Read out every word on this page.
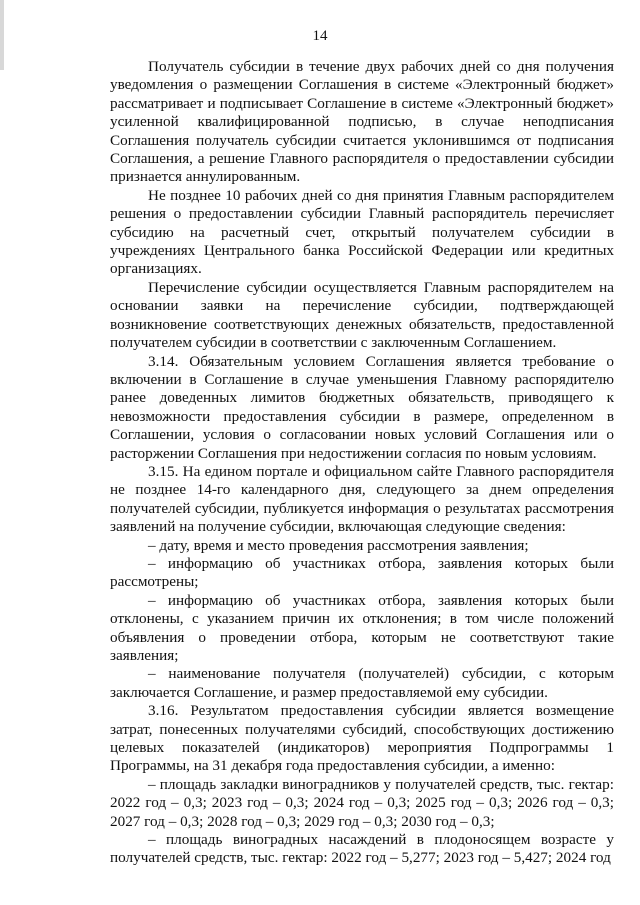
14

Получатель субсидии в течение двух рабочих дней со дня получения уведомления о размещении Соглашения в системе «Электронный бюджет» рассматривает и подписывает Соглашение в системе «Электронный бюджет» усиленной квалифицированной подписью, в случае неподписания Соглашения получатель субсидии считается уклонившимся от подписания Соглашения, а решение Главного распорядителя о предоставлении субсидии признается аннулированным.

Не позднее 10 рабочих дней со дня принятия Главным распорядителем решения о предоставлении субсидии Главный распорядитель перечисляет субсидию на расчетный счет, открытый получателем субсидии в учреждениях Центрального банка Российской Федерации или кредитных организациях.

Перечисление субсидии осуществляется Главным распорядителем на основании заявки на перечисление субсидии, подтверждающей возникновение соответствующих денежных обязательств, предоставленной получателем субсидии в соответствии с заключенным Соглашением.

3.14. Обязательным условием Соглашения является требование о включении в Соглашение в случае уменьшения Главному распорядителю ранее доведенных лимитов бюджетных обязательств, приводящего к невозможности предоставления субсидии в размере, определенном в Соглашении, условия о согласовании новых условий Соглашения или о расторжении Соглашения при недостижении согласия по новым условиям.

3.15. На едином портале и официальном сайте Главного распорядителя не позднее 14-го календарного дня, следующего за днем определения получателей субсидии, публикуется информация о результатах рассмотрения заявлений на получение субсидии, включающая следующие сведения:

– дату, время и место проведения рассмотрения заявления;

– информацию об участниках отбора, заявления которых были рассмотрены;

– информацию об участниках отбора, заявления которых были отклонены, с указанием причин их отклонения; в том числе положений объявления о проведении отбора, которым не соответствуют такие заявления;

– наименование получателя (получателей) субсидии, с которым заключается Соглашение, и размер предоставляемой ему субсидии.

3.16. Результатом предоставления субсидии является возмещение затрат, понесенных получателями субсидий, способствующих достижению целевых показателей (индикаторов) мероприятия Подпрограммы 1 Программы, на 31 декабря года предоставления субсидии, а именно:

– площадь закладки виноградников у получателей средств, тыс. гектар: 2022 год – 0,3; 2023 год – 0,3; 2024 год – 0,3; 2025 год – 0,3; 2026 год – 0,3; 2027 год – 0,3; 2028 год – 0,3; 2029 год – 0,3; 2030 год – 0,3;

– площадь виноградных насаждений в плодоносящем возрасте у получателей средств, тыс. гектар: 2022 год – 5,277; 2023 год – 5,427; 2024 год
